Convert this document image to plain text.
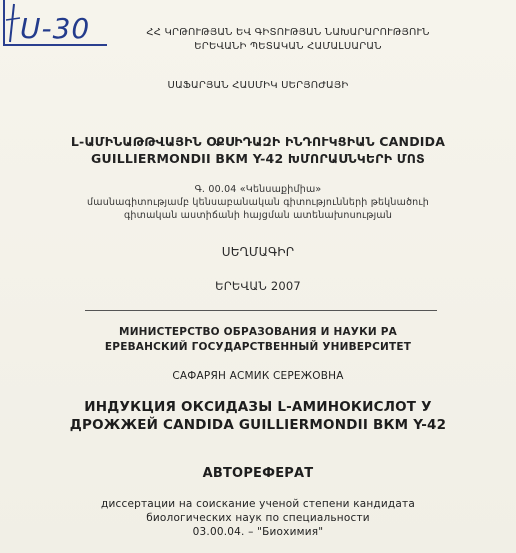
U-30	ՀՀ ԿՐԹՈՒԹՅԱՆ ԵՎ ԳԻՏՈՒԹՅԱՆ ՆԱԽԱՐԱՐՈՒԹՅՈՒՆ
ԵՐԵՎԱՆԻ ՊԵՏԱԿԱՆ ՀԱՄԱԼՍԱՐԱՆ
ՍԱՖԱՐՅԱՆ ՀԱՍՄԻԿ ՍԵՐՅՈԺԱՅԻ
L-ԱՄԻՆԱԹԹՎԱՅԻՆ ՕՔՍԻԴԱԶԻ ԻՆԴՈՒԿՑԻԱՆ CANDIDA
GUILLIERMONDII ВКМ Y-42 ԽՄՈՐԱՍՆԿԵՐԻ ՄՈՏ
Գ. 00.04 «Կենսաքիմիա»
մասնագիտությամբ կենսաբանական գիտությունների թեկնածուի
գիտական աստիճանի հայցման ատենախոսության
ՍԵՂՄԱԳԻՐ
ԵՐԵՎԱՆ 2007
МИНИСТЕРСТВО ОБРАЗОВАНИЯ И НАУКИ РА
ЕРЕВАНСКИЙ ГОСУДАРСТВЕННЫЙ УНИВЕРСИТЕТ
САФАРЯН АСМИК СЕРЕЖОВНА
ИНДУКЦИЯ ОКСИДАЗЫ L-АМИНОКИСЛОТ У
ДРОЖЖЕЙ CANDIDA GUILLIERMONDII ВКМ Y-42
АВТОРЕФЕРАТ
диссертации на соискание ученой степени кандидата
биологических наук по специальности
03.00.04. – "Биохимия"
